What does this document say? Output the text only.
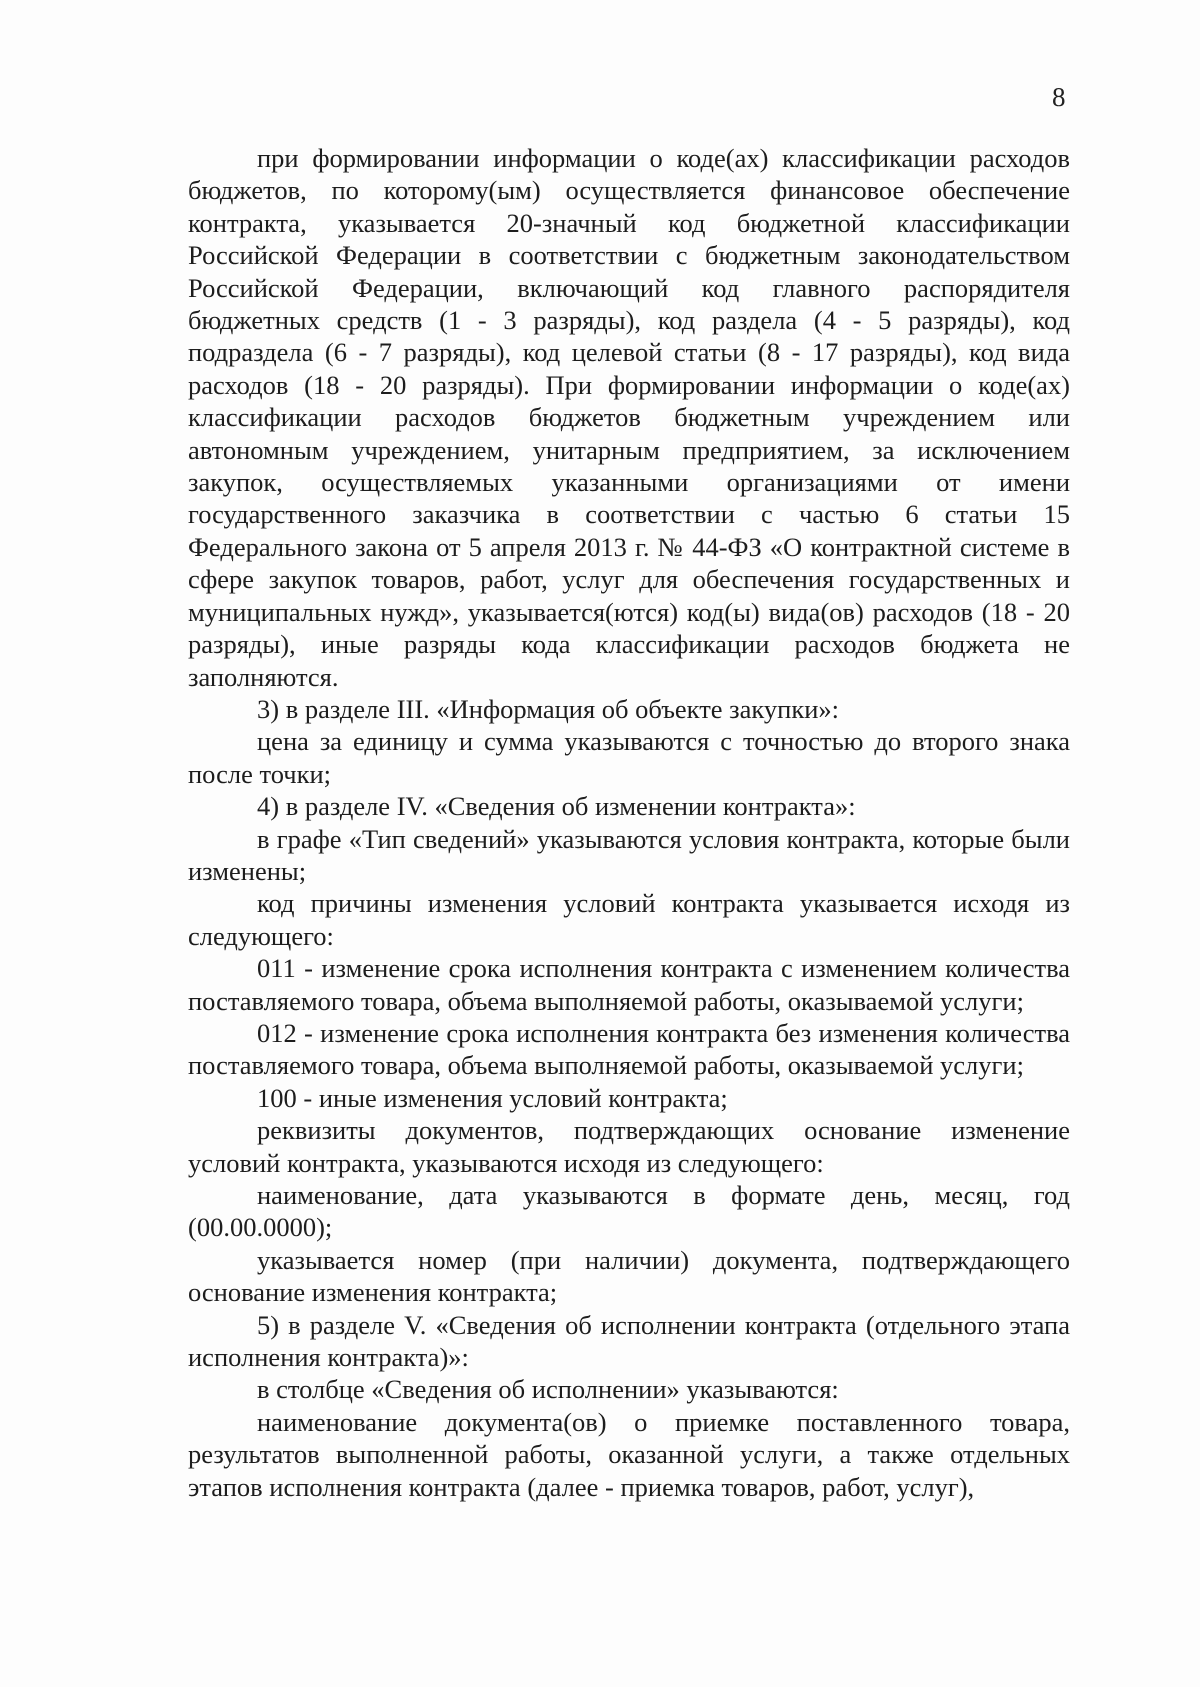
8

при формировании информации о коде(ах) классификации расходов бюджетов, по которому(ым) осуществляется финансовое обеспечение контракта, указывается 20-значный код бюджетной классификации Российской Федерации в соответствии с бюджетным законодательством Российской Федерации, включающий код главного распорядителя бюджетных средств (1 - 3 разряды), код раздела (4 - 5 разряды), код подраздела (6 - 7 разряды), код целевой статьи (8 - 17 разряды), код вида расходов (18 - 20 разряды). При формировании информации о коде(ах) классификации расходов бюджетов бюджетным учреждением или автономным учреждением, унитарным предприятием, за исключением закупок, осуществляемых указанными организациями от имени государственного заказчика в соответствии с частью 6 статьи 15 Федерального закона от 5 апреля 2013 г. № 44-ФЗ «О контрактной системе в сфере закупок товаров, работ, услуг для обеспечения государственных и муниципальных нужд», указывается(ются) код(ы) вида(ов) расходов (18 - 20 разряды), иные разряды кода классификации расходов бюджета не заполняются.

3) в разделе III. «Информация об объекте закупки»:

цена за единицу и сумма указываются с точностью до второго знака после точки;

4) в разделе IV. «Сведения об изменении контракта»:

в графе «Тип сведений» указываются условия контракта, которые были изменены;

код причины изменения условий контракта указывается исходя из следующего:

011 - изменение срока исполнения контракта с изменением количества поставляемого товара, объема выполняемой работы, оказываемой услуги;

012 - изменение срока исполнения контракта без изменения количества поставляемого товара, объема выполняемой работы, оказываемой услуги;

100 - иные изменения условий контракта;

реквизиты документов, подтверждающих основание изменение условий контракта, указываются исходя из следующего:

наименование, дата указываются в формате день, месяц, год (00.00.0000);

указывается номер (при наличии) документа, подтверждающего основание изменения контракта;

5) в разделе V. «Сведения об исполнении контракта (отдельного этапа исполнения контракта)»:

в столбце «Сведения об исполнении» указываются:

наименование документа(ов) о приемке поставленного товара, результатов выполненной работы, оказанной услуги, а также отдельных этапов исполнения контракта (далее - приемка товаров, работ, услуг),
